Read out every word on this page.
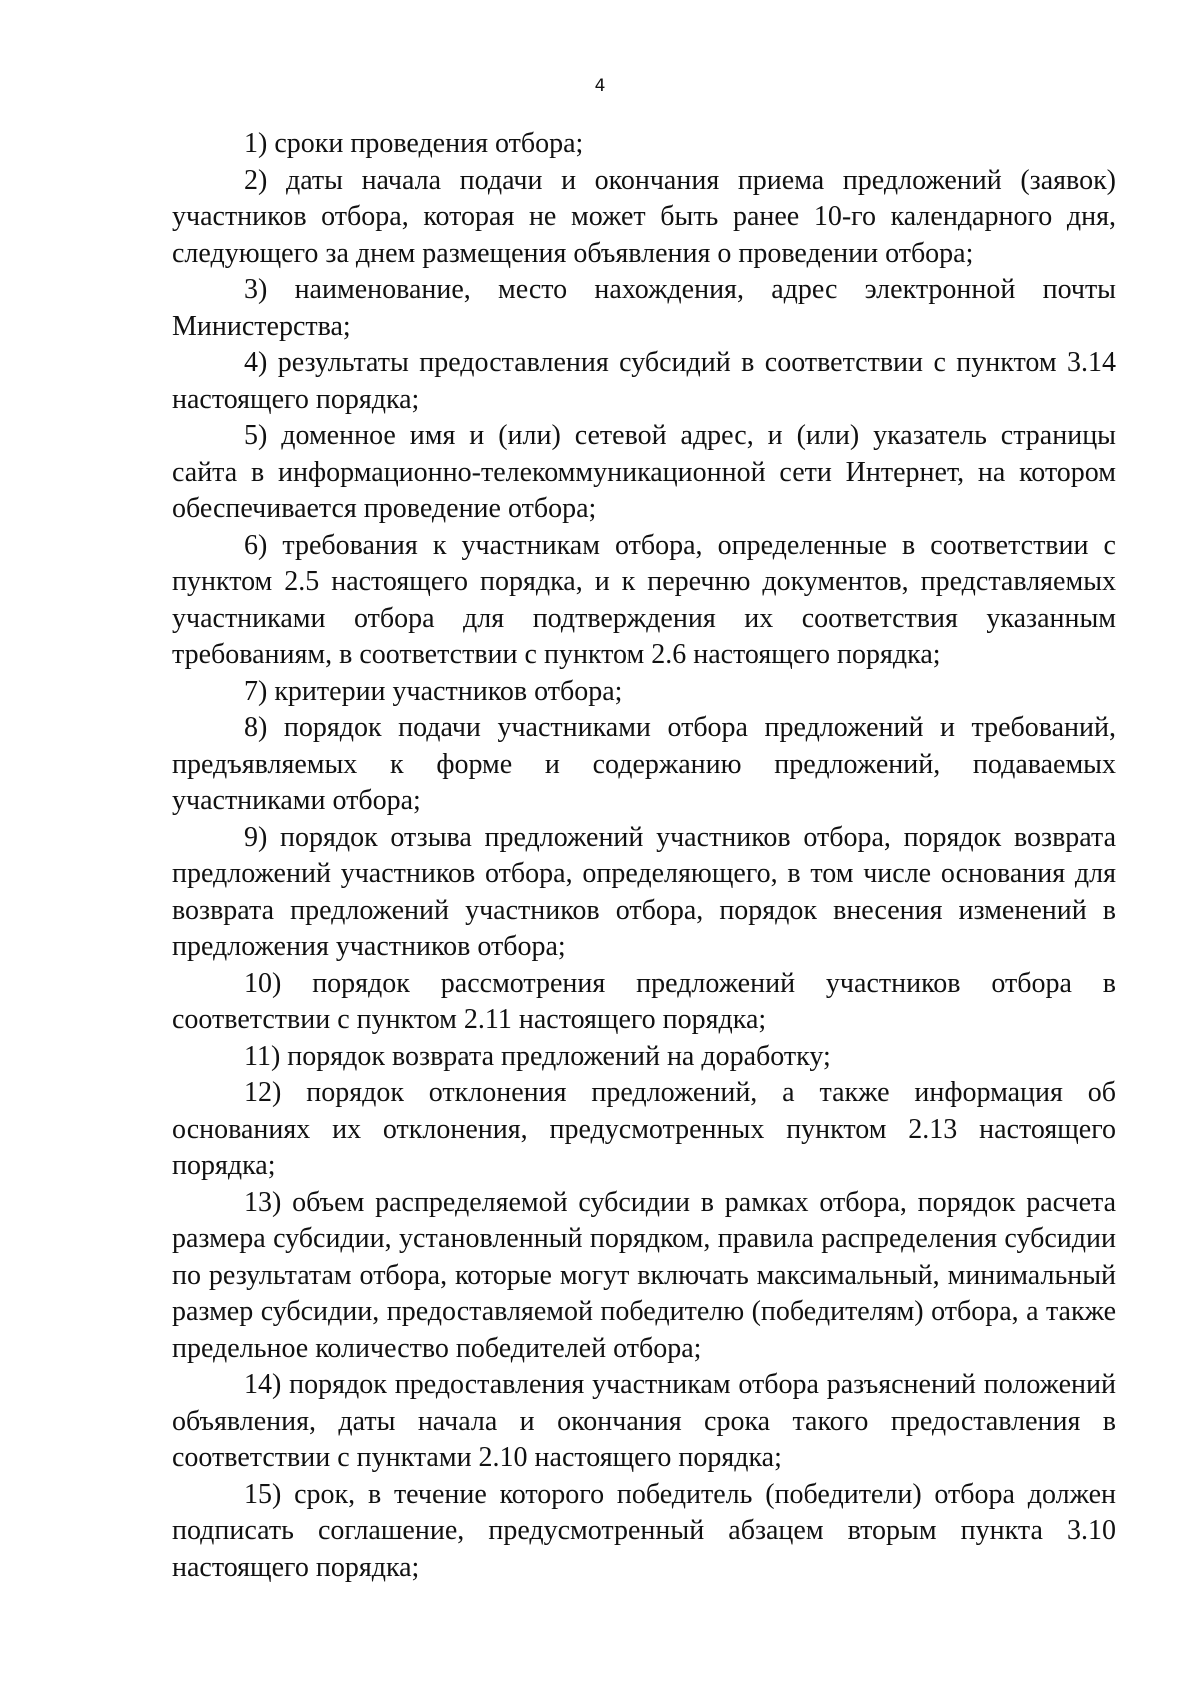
4

1) сроки проведения отбора;

2) даты начала подачи и окончания приема предложений (заявок) участников отбора, которая не может быть ранее 10-го календарного дня, следующего за днем размещения объявления о проведении отбора;

3) наименование, место нахождения, адрес электронной почты Министерства;

4) результаты предоставления субсидий в соответствии с пунктом 3.14 настоящего порядка;

5) доменное имя и (или) сетевой адрес, и (или) указатель страницы сайта в информационно-телекоммуникационной сети Интернет, на котором обеспечивается проведение отбора;

6) требования к участникам отбора, определенные в соответствии с пунктом 2.5 настоящего порядка, и к перечню документов, представляемых участниками отбора для подтверждения их соответствия указанным требованиям, в соответствии с пунктом 2.6 настоящего порядка;

7) критерии участников отбора;

8) порядок подачи участниками отбора предложений и требований, предъявляемых к форме и содержанию предложений, подаваемых участниками отбора;

9) порядок отзыва предложений участников отбора, порядок возврата предложений участников отбора, определяющего, в том числе основания для возврата предложений участников отбора, порядок внесения изменений в предложения участников отбора;

10) порядок рассмотрения предложений участников отбора в соответствии с пунктом 2.11 настоящего порядка;

11) порядок возврата предложений на доработку;

12) порядок отклонения предложений, а также информация об основаниях их отклонения, предусмотренных пунктом 2.13 настоящего порядка;

13) объем распределяемой субсидии в рамках отбора, порядок расчета размера субсидии, установленный порядком, правила распределения субсидии по результатам отбора, которые могут включать максимальный, минимальный размер субсидии, предоставляемой победителю (победителям) отбора, а также предельное количество победителей отбора;

14) порядок предоставления участникам отбора разъяснений положений объявления, даты начала и окончания срока такого предоставления в соответствии с пунктами 2.10 настоящего порядка;

15) срок, в течение которого победитель (победители) отбора должен подписать соглашение, предусмотренный абзацем вторым пункта 3.10 настоящего порядка;
